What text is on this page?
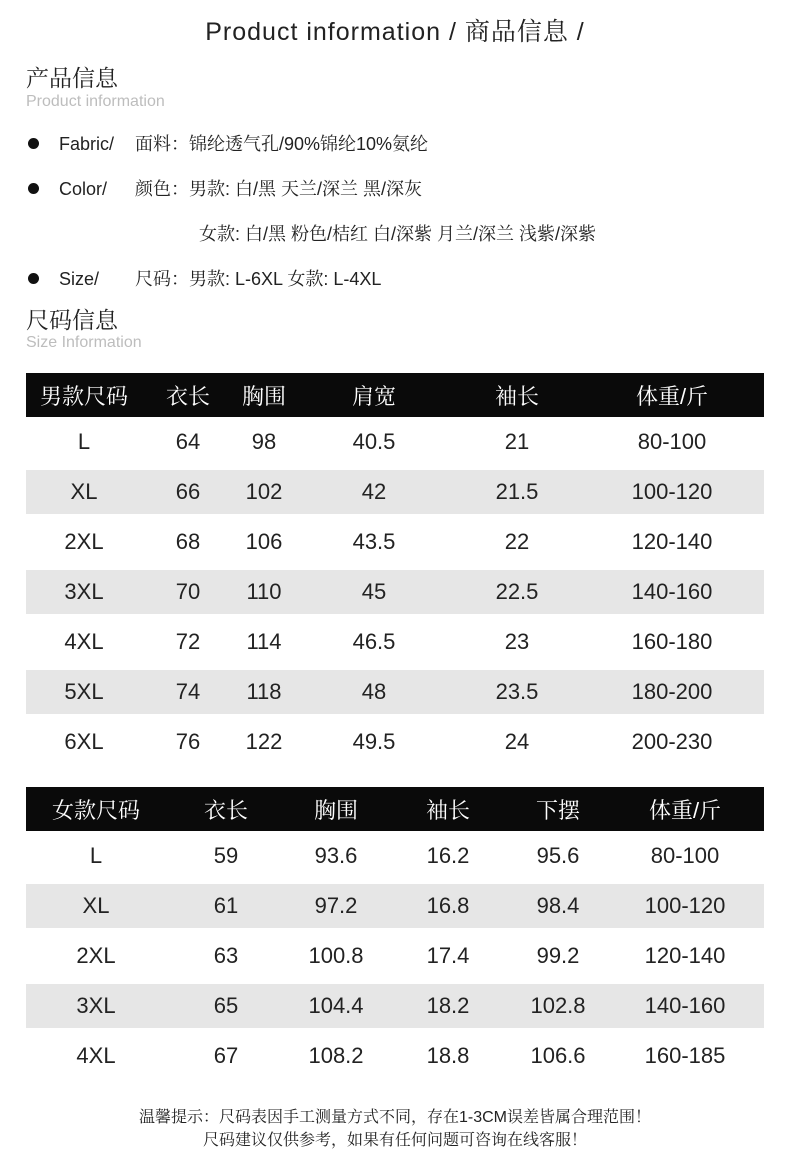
Product information / 商品信息 /
产品信息
Product information
Fabric/ 面料：锦纶透气孔/90%锦纶10%氨纶
Color/ 颜色：男款: 白/黑 天兰/深兰 黑/深灰
女款: 白/黑 粉色/桔红 白/深紫 月兰/深兰 浅紫/深紫
Size/ 尺码：男款: L-6XL 女款: L-4XL
尺码信息
Size Information
男款尺码	衣长	胸围	肩宽	袖长	体重/斤
L	64	98	40.5	21	80-100
XL	66	102	42	21.5	100-120
2XL	68	106	43.5	22	120-140
3XL	70	110	45	22.5	140-160
4XL	72	114	46.5	23	160-180
5XL	74	118	48	23.5	180-200
6XL	76	122	49.5	24	200-230
女款尺码	衣长	胸围	袖长	下摆	体重/斤
L	59	93.6	16.2	95.6	80-100
XL	61	97.2	16.8	98.4	100-120
2XL	63	100.8	17.4	99.2	120-140
3XL	65	104.4	18.2	102.8	140-160
4XL	67	108.2	18.8	106.6	160-185
温馨提示：尺码表因手工测量方式不同，存在1-3CM误差皆属合理范围！
尺码建议仅供参考，如果有任何问题可咨询在线客服！
